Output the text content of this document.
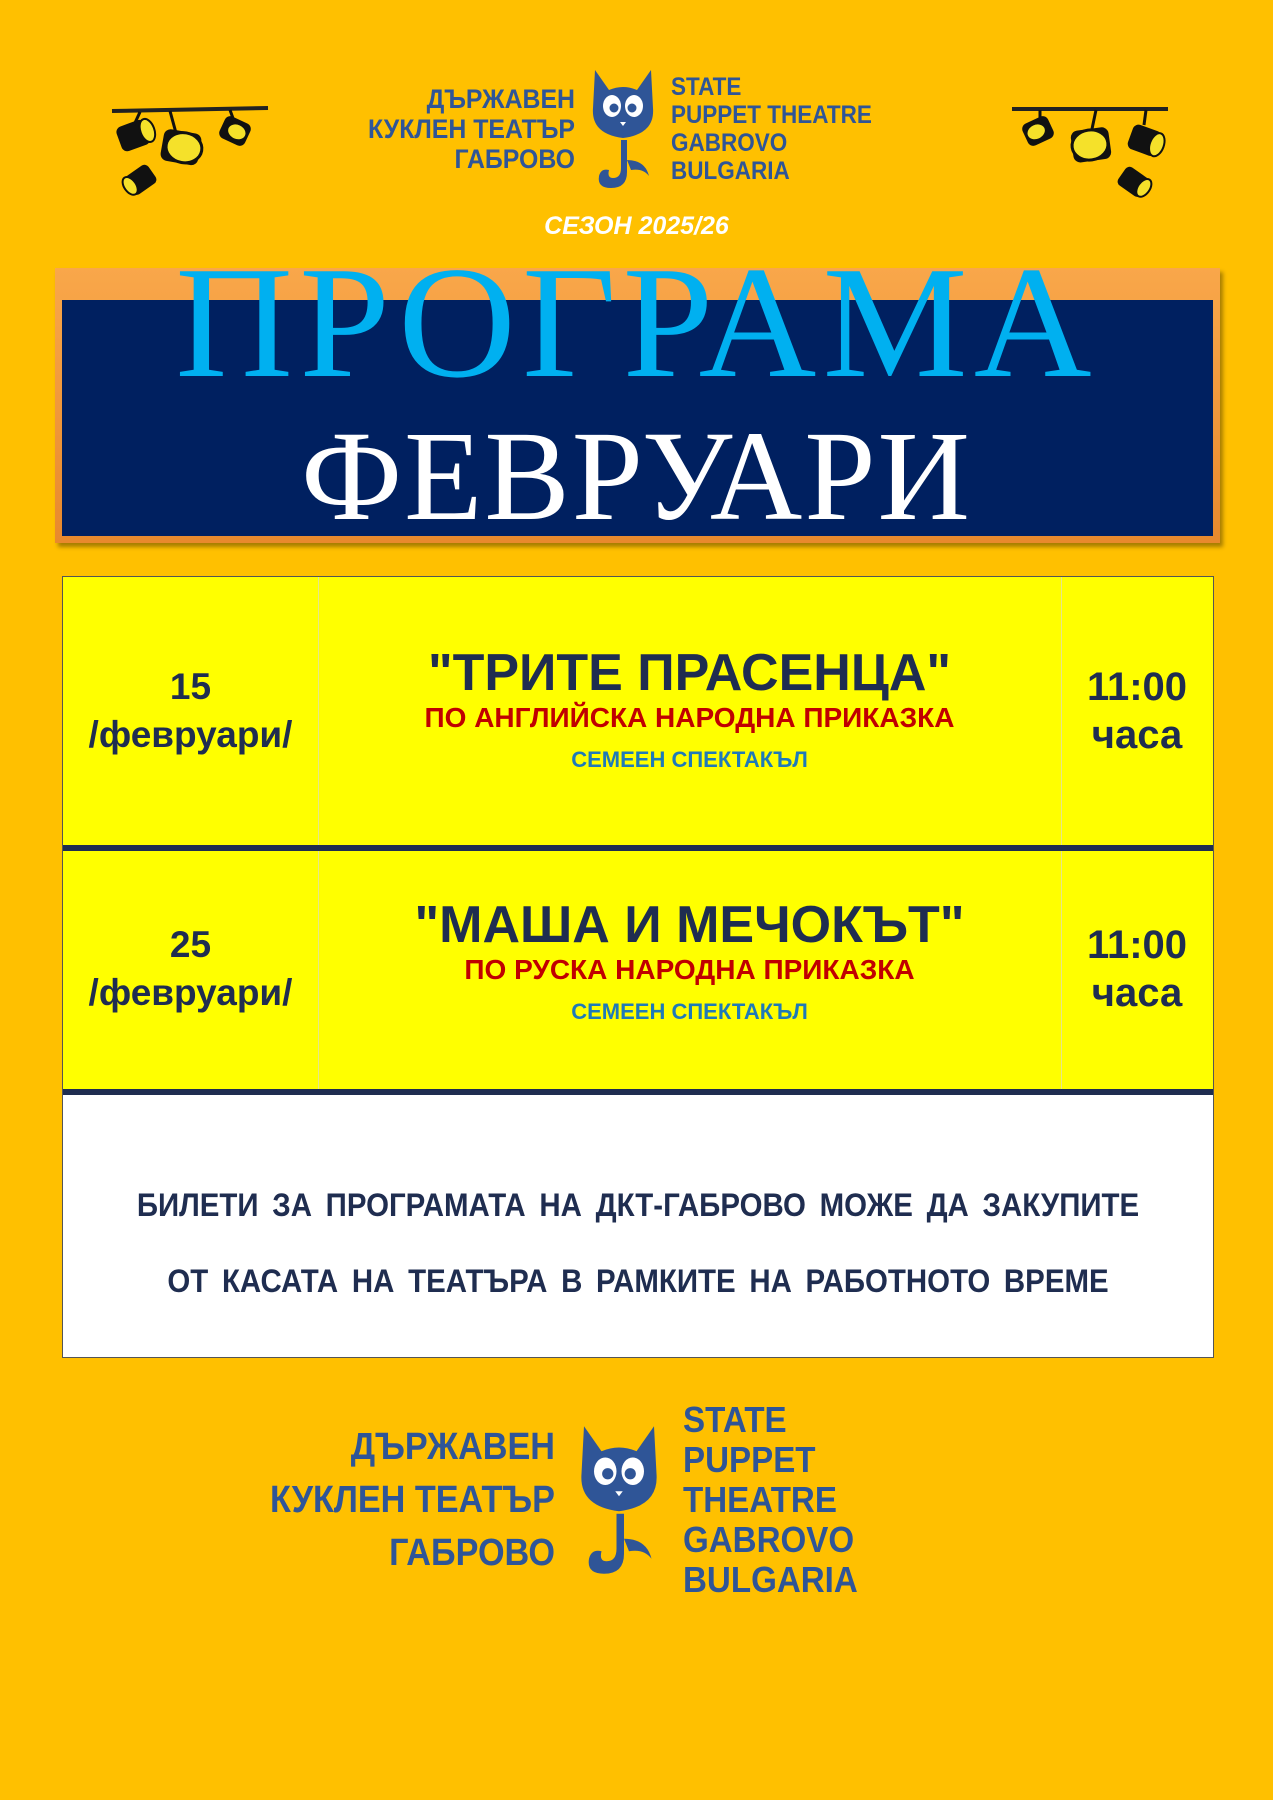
ДЪРЖАВЕН
КУКЛЕН ТЕАТЪР
ГАБРОВО
STATE
PUPPET THEATRE
GABROVO
BULGARIA
СЕЗОН 2025/26
ПРОГРАМА
ФЕВРУАРИ
15
/февруари/
"ТРИТЕ ПРАСЕНЦА"
ПО АНГЛИЙСКА НАРОДНА ПРИКАЗКА
СЕМЕЕН СПЕКТАКЪЛ
11:00
часа
25
/февруари/
"МАША И МЕЧОКЪТ"
ПО РУСКА НАРОДНА ПРИКАЗКА
СЕМЕЕН СПЕКТАКЪЛ
11:00
часа

БИЛЕТИ ЗА ПРОГРАМАТА НА ДКТ-ГАБРОВО МОЖЕ ДА ЗАКУПИТЕ

ОТ КАСАТА НА ТЕАТЪРА В РАМКИТЕ НА РАБОТНОТО ВРЕМЕ

ДЪРЖАВЕН
КУКЛЕН ТЕАТЪР
ГАБРОВО
STATE
PUPPET THEATRE
GABROVO
BULGARIA
